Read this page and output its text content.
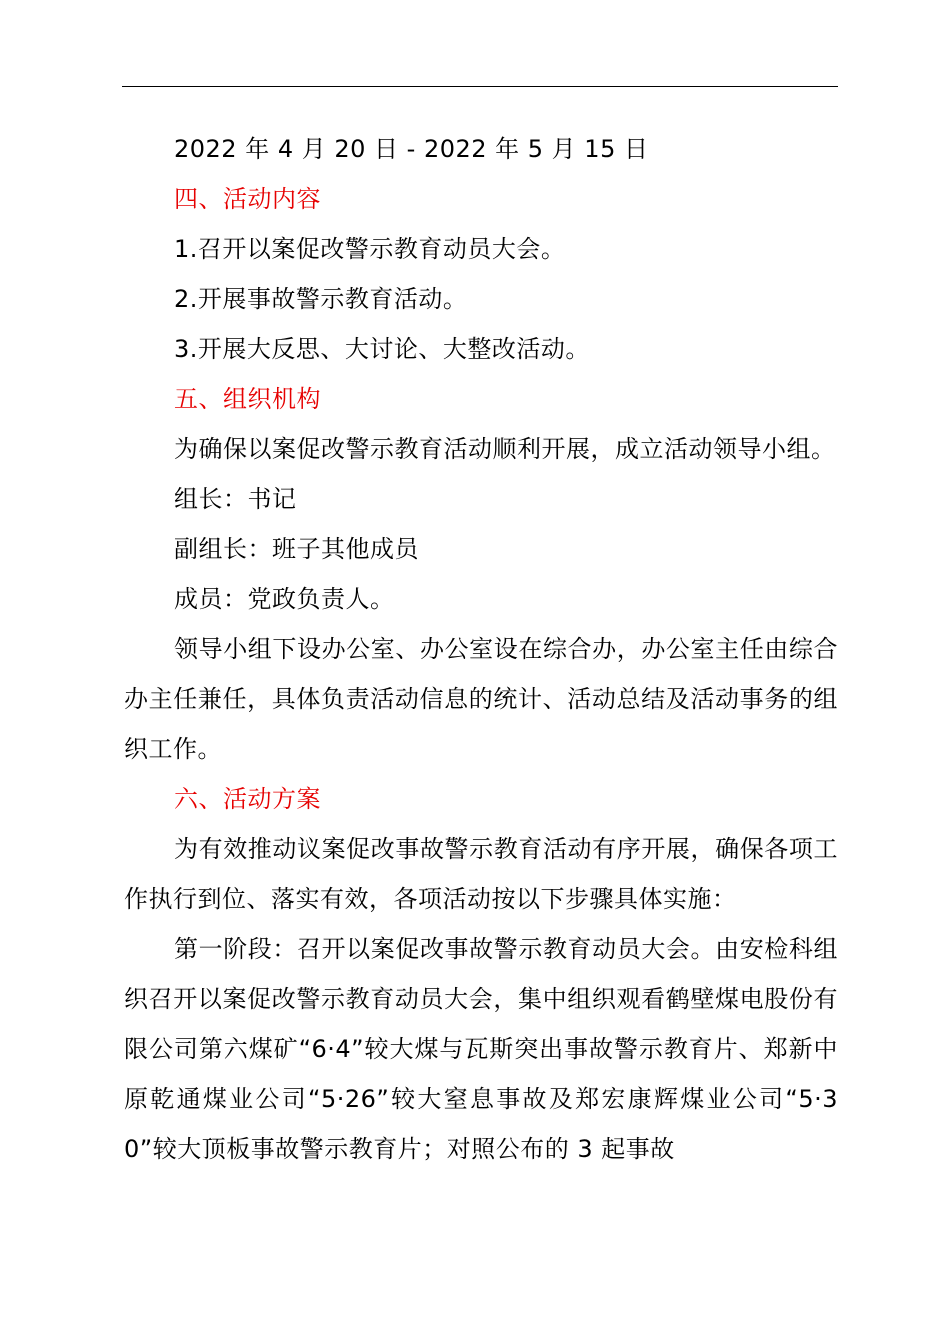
2022 年 4 月 20 日 - 2022 年 5 月 15 日

四、活动内容

1.召开以案促改警示教育动员大会。

2.开展事故警示教育活动。

3.开展大反思、大讨论、大整改活动。

五、组织机构

为确保以案促改警示教育活动顺利开展，成立活动领导小组。

组长：书记

副组长：班子其他成员

成员：党政负责人。

领导小组下设办公室、办公室设在综合办，办公室主任由综合办主任兼任，具体负责活动信息的统计、活动总结及活动事务的组织工作。

六、活动方案

为有效推动议案促改事故警示教育活动有序开展，确保各项工作执行到位、落实有效，各项活动按以下步骤具体实施：

第一阶段：召开以案促改事故警示教育动员大会。由安检科组织召开以案促改警示教育动员大会，集中组织观看鹤壁煤电股份有限公司第六煤矿“6·4”较大煤与瓦斯突出事故警示教育片、郑新中原乾通煤业公司“5·26”较大窒息事故及郑宏康辉煤业公司“5·30”较大顶板事故警示教育片；对照公布的 3 起事故
